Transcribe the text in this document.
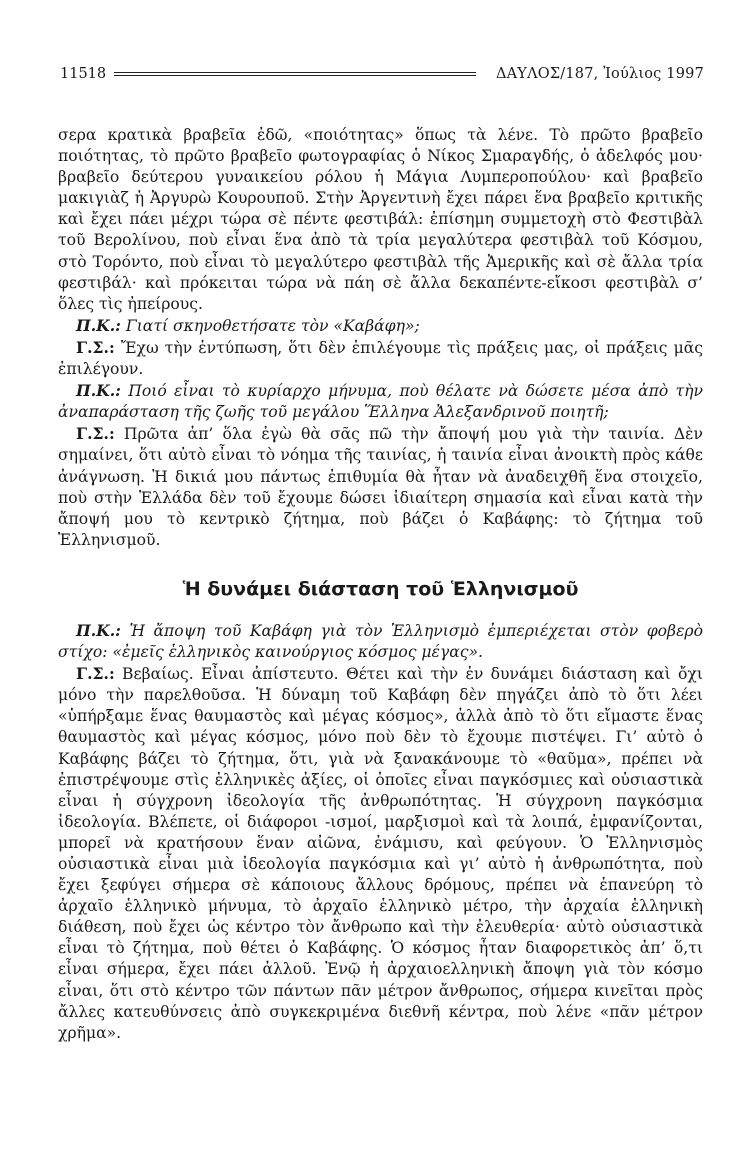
11518	ΔΑΥΛΟΣ/187, Ἰούλιος 1997

σερα κρατικὰ βραβεῖα ἐδῶ, «ποιότητας» ὅπως τὰ λένε. Τὸ πρῶτο βραβεῖο ποιότητας, τὸ πρῶτο βραβεῖο φωτογραφίας ὁ Νίκος Σμαραγδής, ὁ ἀδελφός μου· βραβεῖο δεύτερου γυναικείου ρόλου ἡ Μάγια Λυμπεροπούλου· καὶ βραβεῖο μακιγιὰζ ἡ Ἀργυρὼ Κουρουποῦ. Στὴν Ἀργεντινὴ ἔχει πάρει ἕνα βραβεῖο κριτικῆς καὶ ἔχει πάει μέχρι τώρα σὲ πέντε φεστιβάλ: ἐπίσημη συμμετοχὴ στὸ Φεστιβὰλ τοῦ Βερολίνου, ποὺ εἶναι ἕνα ἀπὸ τὰ τρία μεγαλύτερα φεστιβὰλ τοῦ Κόσμου, στὸ Τορόντο, ποὺ εἶναι τὸ μεγαλύτερο φεστιβὰλ τῆς Ἀμερικῆς καὶ σὲ ἄλλα τρία φεστιβάλ· καὶ πρόκειται τώρα νὰ πάη σὲ ἄλλα δεκαπέντε-εἴκοσι φεστιβὰλ σ’ ὅλες τὶς ἠπείρους.

Π.Κ.: Γιατί σκηνοθετήσατε τὸν «Καβάφη»;

Γ.Σ.: Ἔχω τὴν ἐντύπωση, ὅτι δὲν ἐπιλέγουμε τὶς πράξεις μας, οἱ πράξεις μᾶς ἐπιλέγουν.

Π.Κ.: Ποιό εἶναι τὸ κυρίαρχο μήνυμα, ποὺ θέλατε νὰ δώσετε μέσα ἀπὸ τὴν ἀναπαράσταση τῆς ζωῆς τοῦ μεγάλου Ἕλληνα Ἀλεξανδρινοῦ ποιητῆ;

Γ.Σ.: Πρῶτα ἀπ’ ὅλα ἐγὼ θὰ σᾶς πῶ τὴν ἄποψή μου γιὰ τὴν ταινία. Δὲν σημαίνει, ὅτι αὐτὸ εἶναι τὸ νόημα τῆς ταινίας, ἡ ταινία εἶναι ἀνοικτὴ πρὸς κάθε ἀνάγνωση. Ἡ δικιά μου πάντως ἐπιθυμία θὰ ἦταν νὰ ἀναδειχθῆ ἕνα στοιχεῖο, ποὺ στὴν Ἑλλάδα δὲν τοῦ ἔχουμε δώσει ἰδιαίτερη σημασία καὶ εἶναι κατὰ τὴν ἄποψή μου τὸ κεντρικὸ ζήτημα, ποὺ βάζει ὁ Καβάφης: τὸ ζήτημα τοῦ Ἑλληνισμοῦ.

Ἡ δυνάμει διάσταση τοῦ Ἑλληνισμοῦ

Π.Κ.: Ἡ ἄποψη τοῦ Καβάφη γιὰ τὸν Ἑλληνισμὸ ἐμπεριέχεται στὸν φοβερὸ στίχο: «ἐμεῖς ἑλληνικὸς καινούργιος κόσμος μέγας».

Γ.Σ.: Βεβαίως. Εἶναι ἀπίστευτο. Θέτει καὶ τὴν ἐν δυνάμει διάσταση καὶ ὄχι μόνο τὴν παρελθοῦσα. Ἡ δύναμη τοῦ Καβάφη δὲν πηγάζει ἀπὸ τὸ ὅτι λέει «ὑπήρξαμε ἕνας θαυμαστὸς καὶ μέγας κόσμος», ἀλλὰ ἀπὸ τὸ ὅτι εἴμαστε ἕνας θαυμαστὸς καὶ μέγας κόσμος, μόνο ποὺ δὲν τὸ ἔχουμε πιστέψει. Γι’ αὐτὸ ὁ Καβάφης βάζει τὸ ζήτημα, ὅτι, γιὰ νὰ ξανακάνουμε τὸ «θαῦμα», πρέπει νὰ ἐπιστρέψουμε στὶς ἑλληνικὲς ἀξίες, οἱ ὁποῖες εἶναι παγκόσμιες καὶ οὐσιαστικὰ εἶναι ἡ σύγχρονη ἰδεολογία τῆς ἀνθρωπότητας. Ἡ σύγχρονη παγκόσμια ἰδεολογία. Βλέπετε, οἱ διάφοροι -ισμοί, μαρξισμοὶ καὶ τὰ λοιπά, ἐμφανίζονται, μπορεῖ νὰ κρατήσουν ἕναν αἰῶνα, ἐνάμισυ, καὶ φεύγουν. Ὁ Ἑλληνισμὸς οὐσιαστικὰ εἶναι μιὰ ἰδεολογία παγκόσμια καὶ γι’ αὐτὸ ἡ ἀνθρωπότητα, ποὺ ἔχει ξεφύγει σήμερα σὲ κάποιους ἄλλους δρόμους, πρέπει νὰ ἐπανεύρη τὸ ἀρχαῖο ἑλληνικὸ μήνυμα, τὸ ἀρχαῖο ἑλληνικὸ μέτρο, τὴν ἀρχαία ἑλληνικὴ διάθεση, ποὺ ἔχει ὡς κέντρο τὸν ἄνθρωπο καὶ τὴν ἐλευθερία· αὐτὸ οὐσιαστικὰ εἶναι τὸ ζήτημα, ποὺ θέτει ὁ Καβάφης. Ὁ κόσμος ἦταν διαφορετικὸς ἀπ’ ὅ,τι εἶναι σήμερα, ἔχει πάει ἀλλοῦ. Ἐνῷ ἡ ἀρχαιοελληνικὴ ἄποψη γιὰ τὸν κόσμο εἶναι, ὅτι στὸ κέντρο τῶν πάντων πᾶν μέτρον ἄνθρωπος, σήμερα κινεῖται πρὸς ἄλλες κατευθύνσεις ἀπὸ συγκεκριμένα διεθνῆ κέντρα, ποὺ λένε «πᾶν μέτρον χρῆμα».
